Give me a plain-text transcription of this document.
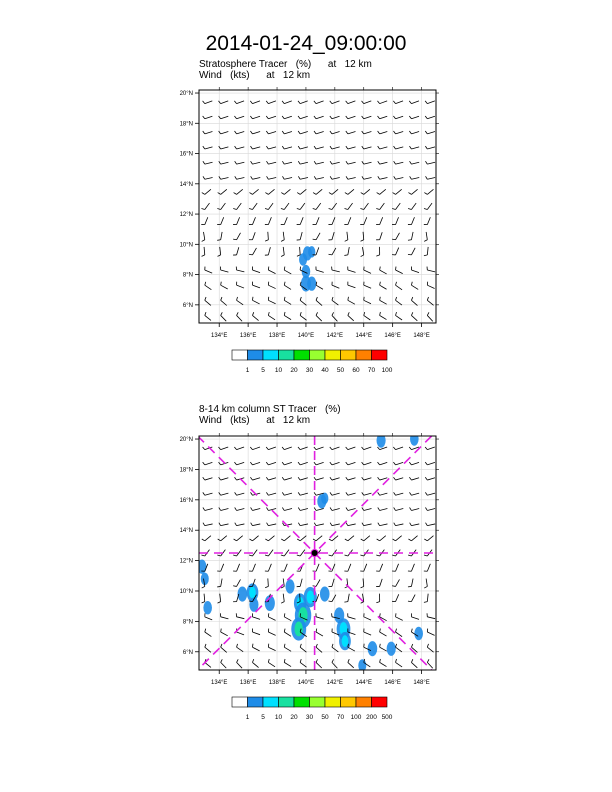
2014-01-24_09:00:00
Stratosphere Tracer   (%)      at   12 km
Wind   (kts)      at   12 km
8-14 km column ST Tracer   (%)
Wind   (kts)      at   12 km
134°E 136°E 138°E 140°E 142°E 144°E 146°E 148°E
6°N
8°N
10°N
12°N
14°N
16°N
18°N
20°N
1 5 10 20 30 40 50 60 70 100
134°E 136°E 138°E 140°E 142°E 144°E 146°E 148°E
6°N
8°N
10°N
12°N
14°N
16°N
18°N
20°N
1 5 10 20 30 50 70 100 200 500
